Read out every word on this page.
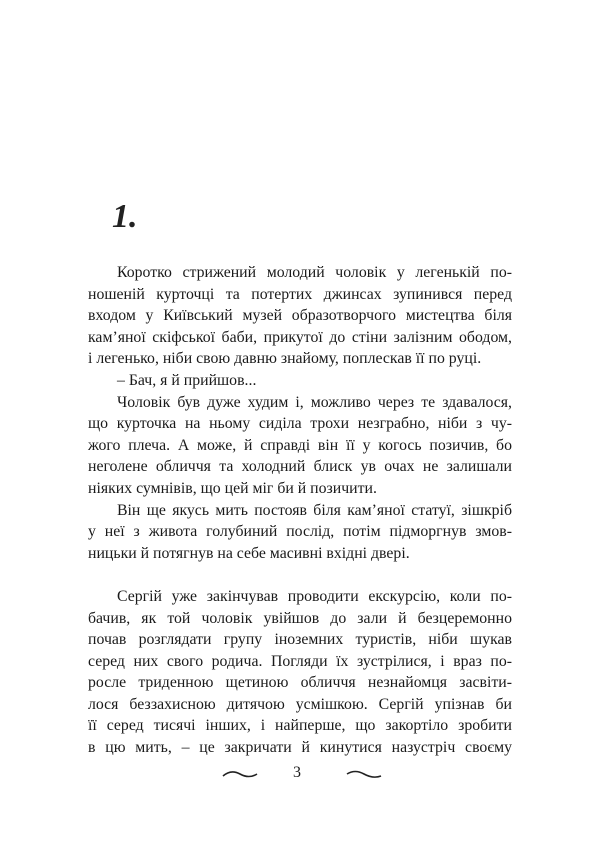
1.
Коротко стрижений молодий чоловік у легенькій по-
ношеній курточці та потертих джинсах зупинився перед
входом у Київський музей образотворчого мистецтва біля
кам’яної скіфської баби, прикутої до стіни залізним ободом,
і легенько, ніби свою давню знайому, поплескав її по руці.
– Бач, я й прийшов...
Чоловік був дуже худим і, можливо через те здавалося,
що курточка на ньому сиділа трохи незграбно, ніби з чу-
жого плеча. А може, й справді він її у когось позичив, бо
неголене обличчя та холодний блиск ув очах не залишали
ніяких сумнівів, що цей міг би й позичити.
Він ще якусь мить постояв біля кам’яної статуї, зішкріб
у неї з живота голубиний послід, потім підморгнув змов-
ницьки й потягнув на себе масивні вхідні двері.
Сергій уже закінчував проводити екскурсію, коли по-
бачив, як той чоловік увійшов до зали й безцеремонно
почав розглядати групу іноземних туристів, ніби шукав
серед них свого родича. Погляди їх зустрілися, і враз по-
росле триденною щетиною обличчя незнайомця засвіти-
лося беззахисною дитячою усмішкою. Сергій упізнав би
її серед тисячі інших, і найперше, що закортіло зробити
в цю мить, – це закричати й кинутися назустріч своєму
3
